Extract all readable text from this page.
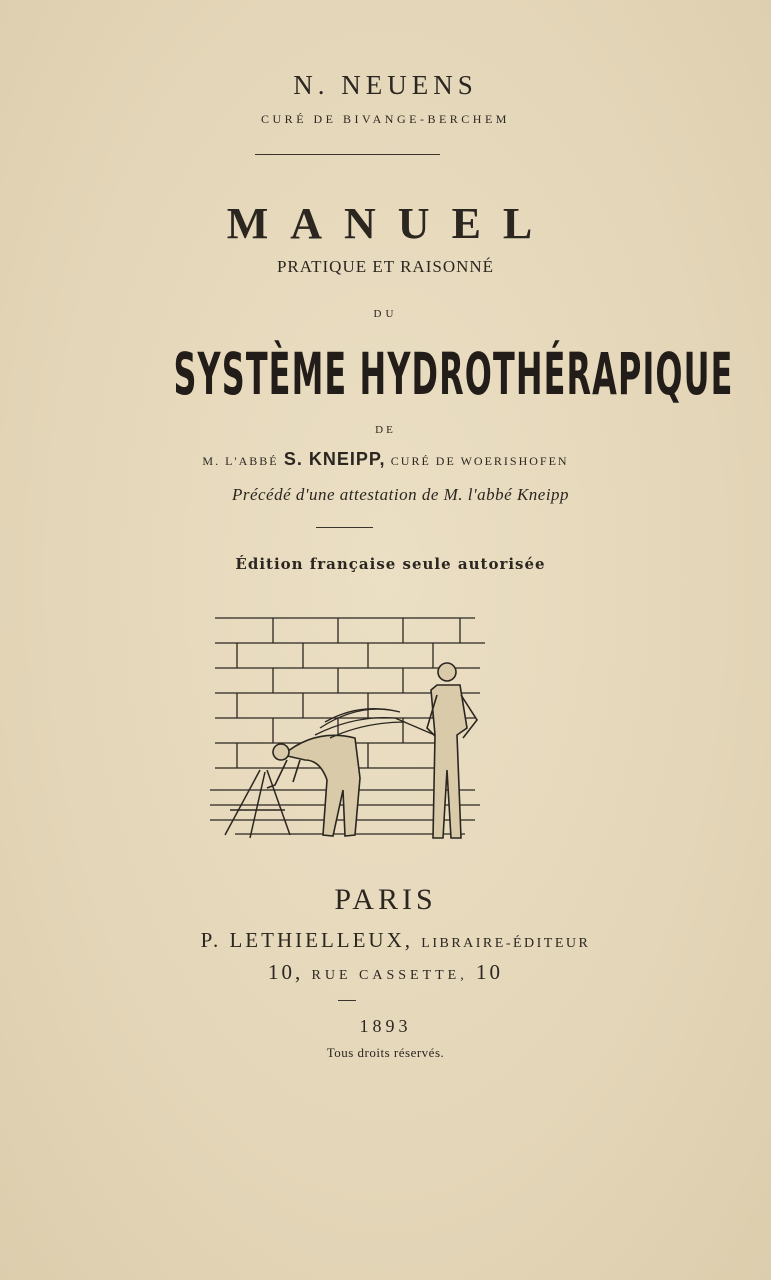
N. NEUENS
CURÉ DE BIVANGE-BERCHEM
MANUEL
PRATIQUE ET RAISONNÉ
DU
SYSTÈME HYDROTHÉRAPIQUE
DE
M. L'ABBÉ S. KNEIPP, CURÉ DE WOERISHOFEN
Précédé d'une attestation de M. l'abbé Kneipp
Édition française seule autorisée
PARIS
P. LETHIELLEUX, LIBRAIRE-ÉDITEUR
10, RUE CASSETTE, 10
1893
Tous droits réservés.
